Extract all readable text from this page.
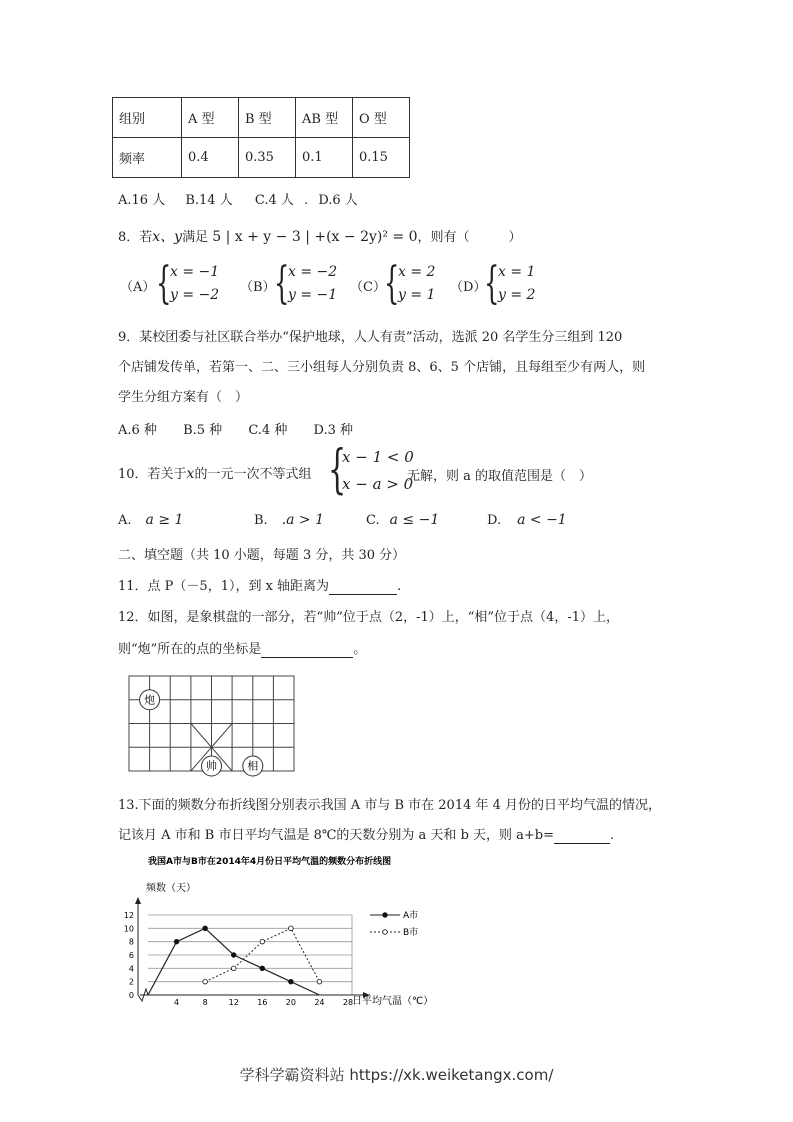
组别	A 型	B 型	AB 型	O 型
频率	0.4	0.35	0.1	0.15
A.16 人 B.14 人 C.4 人 . D.6 人
8．若x、y满足 5 | x + y − 3 | +(x − 2y)² = 0，则有（　　　）
（A） {
x = −1
y = −2 （B）
{
x = −2
y = −1 （C）
{
x = 2
y = 1 （D）
{
x = 1
y = 2
9．某校团委与社区联合举办“保护地球，人人有责”活动，选派 20 名学生分三组到 120
个店铺发传单，若第一、二、三小组每人分别负责 8、6、5 个店铺，且每组至少有两人，则
学生分组方案有（　）
A.6 种 B.5 种 C.4 种 D.3 种
10．若关于x的一元一次不等式组 {
x − 1 < 0
x − a > 0
无解，则 a 的取值范围是（　）
A. a ≥ 1	B. .a > 1	C. a ≤ −1	D. a < −1
二、填空题（共 10 小题，每题 3 分，共 30 分）
11．点 P（－5，1），到 x 轴距离为	.
12．如图，是象棋盘的一部分，若“帅”位于点（2，-1）上，“相”位于点（4，-1）上，
则“炮”所在的点的坐标是	。
炮
帅	相
13.下面的频数分布折线图分别表示我国 A 市与 B 市在 2014 年 4 月份的日平均气温的情况，
记该月 A 市和 B 市日平均气温是 8℃的天数分别为 a 天和 b 天，则 a+b=	.
我国A市与B市在2014年4月份日平均气温的频数分布折线图
频数（天）
日平均气温（℃）
0
2
4
6
8
10
12
4	8	12 16 20 24 28
A市
B市
学科学霸资料站 https://xk.weiketangx.com/
